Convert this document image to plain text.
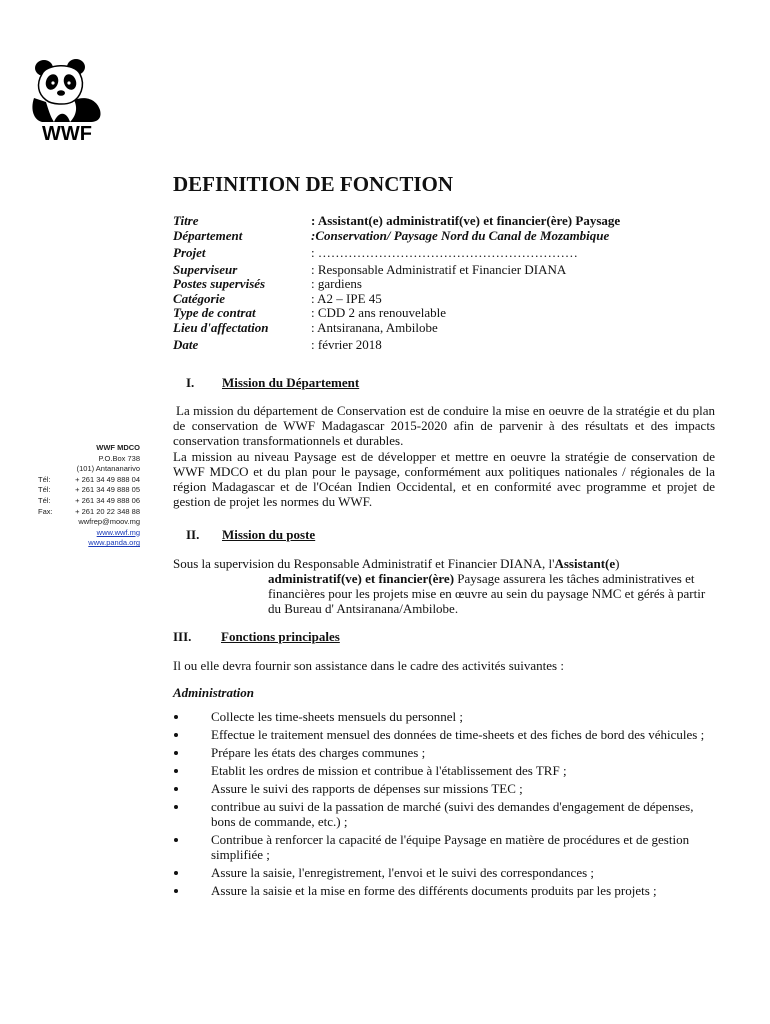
WWF
WWF MDCO
P.O.Box 738
(101) Antananarivo
Tél:	+ 261 34 49 888 04
Tél:	+ 261 34 49 888 05
Tél:	+ 261 34 49 888 06
Fax:	+ 261 20 22 348 88
wwfrep@moov.mg
www.wwf.mg
www.panda.org
DEFINITION DE FONCTION
Titre	: Assistant(e) administratif(ve) et financier(ère) Paysage
Département	:Conservation/ Paysage Nord du Canal de Mozambique
Projet	: ……………………………………………………
Superviseur	: Responsable Administratif et Financier DIANA
Postes supervisés	: gardiens
Catégorie	: A2 – IPE 45
Type de contrat	: CDD 2 ans renouvelable
Lieu d'affectation	: Antsiranana, Ambilobe
Date	: février 2018
I. Mission du Département
La mission du département de Conservation est de conduire la mise en oeuvre de la stratégie et du plan de conservation de WWF Madagascar 2015-2020 afin de parvenir à des résultats et des impacts conservation transformationnels et durables.
La mission au niveau Paysage est de développer et mettre en oeuvre la stratégie de conservation de WWF MDCO et du plan pour le paysage, conformément aux politiques nationales / régionales de la région Madagascar et de l'Océan Indien Occidental, et en conformité avec programme et projet de gestion de projet les normes du WWF.
II. Mission du poste
Sous la supervision du Responsable Administratif et Financier DIANA, l'Assistant(e)
administratif(ve) et financier(ère) Paysage assurera les tâches administratives et financières pour les projets mise en œuvre au sein du paysage NMC et gérés à partir du Bureau d' Antsiranana/Ambilobe.
III. Fonctions principales
Il ou elle devra fournir son assistance dans le cadre des activités suivantes :
Administration
Collecte les time-sheets mensuels du personnel ;
Effectue le traitement mensuel des données de time-sheets et des fiches de bord des véhicules ;
Prépare les états des charges communes ;
Etablit les ordres de mission et contribue à l'établissement des TRF ;
Assure le suivi des rapports de dépenses sur missions TEC ;
contribue au suivi de la passation de marché (suivi des demandes d'engagement de dépenses, bons de commande, etc.) ;
Contribue à renforcer la capacité de l'équipe Paysage en matière de procédures et de gestion simplifiée ;
Assure la saisie, l'enregistrement, l'envoi et le suivi des correspondances ;
Assure la saisie et la mise en forme des différents documents produits par les projets ;
